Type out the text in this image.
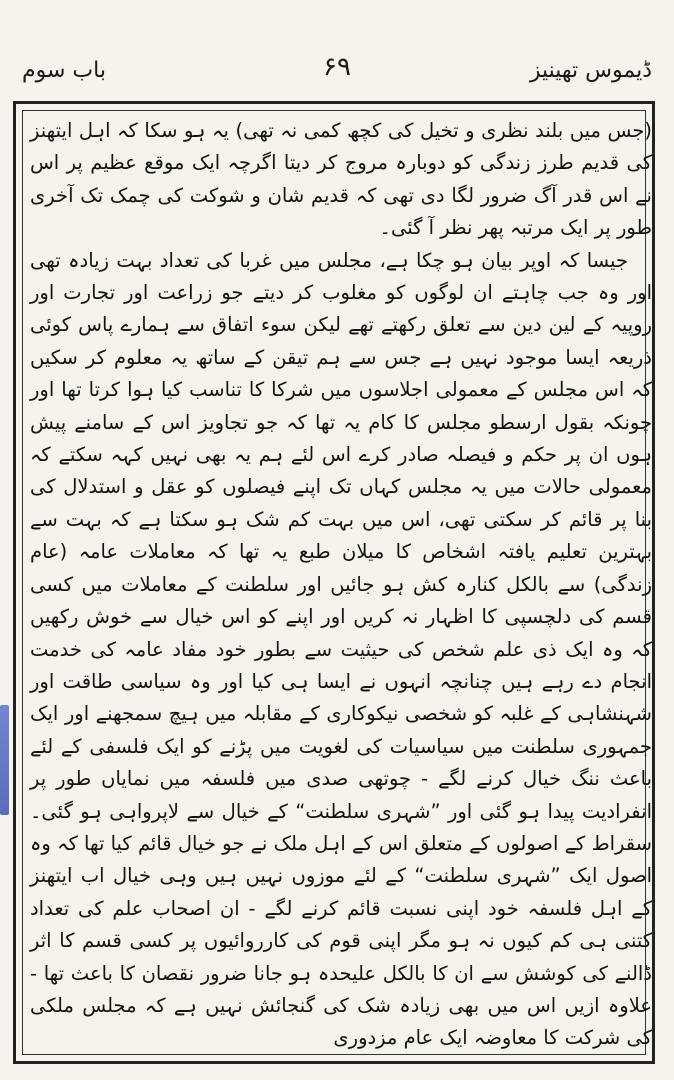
ڈیموس تھینیز
۶۹
باب سوم

(جس میں بلند نظری و تخیل کی کچھ کمی نہ تھی) یہ ہو سکا کہ اہل ایتھنز کی قدیم طرز زندگی کو دوبارہ مروج کر دیتا اگرچہ ایک موقع عظیم پر اس نے اس قدر آگ ضرور لگا دی تھی کہ قدیم شان و شوکت کی چمک تک آخری طور پر ایک مرتبہ پھر نظر آ گئی۔

جیسا کہ اوپر بیان ہو چکا ہے، مجلس میں غربا کی تعداد بہت زیادہ تھی اور وہ جب چاہتے ان لوگوں کو مغلوب کر دیتے جو زراعت اور تجارت اور روپیہ کے لین دین سے تعلق رکھتے تھے لیکن سوء اتفاق سے ہمارے پاس کوئی ذریعہ ایسا موجود نہیں ہے جس سے ہم تیقن کے ساتھ یہ معلوم کر سکیں کہ اس مجلس کے معمولی اجلاسوں میں شرکا کا تناسب کیا ہوا کرتا تھا اور چونکہ بقول ارسطو مجلس کا کام یہ تھا کہ جو تجاویز اس کے سامنے پیش ہوں ان پر حکم و فیصلہ صادر کرے اس لئے ہم یہ بھی نہیں کہہ سکتے کہ معمولی حالات میں یہ مجلس کہاں تک اپنے فیصلوں کو عقل و استدلال کی بنا پر قائم کر سکتی تھی، اس میں بہت کم شک ہو سکتا ہے کہ بہت سے بہترین تعلیم یافتہ اشخاص کا میلان طبع یہ تھا کہ معاملات عامہ (عام زندگی) سے بالکل کنارہ کش ہو جائیں اور سلطنت کے معاملات میں کسی قسم کی دلچسپی کا اظہار نہ کریں اور اپنے کو اس خیال سے خوش رکھیں کہ وہ ایک ذی علم شخص کی حیثیت سے بطور خود مفاد عامہ کی خدمت انجام دے رہے ہیں چنانچہ انہوں نے ایسا ہی کیا اور وہ سیاسی طاقت اور شہنشاہی کے غلبہ کو شخصی نیکوکاری کے مقابلہ میں ہیچ سمجھنے اور ایک جمہوری سلطنت میں سیاسیات کی لغویت میں پڑنے کو ایک فلسفی کے لئے باعث ننگ خیال کرنے لگے - چوتھی صدی میں فلسفہ میں نمایاں طور پر انفرادیت پیدا ہو گئی اور ”شہری سلطنت“ کے خیال سے لاپرواہی ہو گئی۔ سقراط کے اصولوں کے متعلق اس کے اہل ملک نے جو خیال قائم کیا تھا کہ وہ اصول ایک ”شہری سلطنت“ کے لئے موزوں نہیں ہیں وہی خیال اب ایتھنز کے اہل فلسفہ خود اپنی نسبت قائم کرنے لگے - ان اصحاب علم کی تعداد کتنی ہی کم کیوں نہ ہو مگر اپنی قوم کی کارروائیوں پر کسی قسم کا اثر ڈالنے کی کوشش سے ان کا بالکل علیحدہ ہو جانا ضرور نقصان کا باعث تھا - علاوہ ازیں اس میں بھی زیادہ شک کی گنجائش نہیں ہے کہ مجلس ملکی کی شرکت کا معاوضہ ایک عام مزدوری
